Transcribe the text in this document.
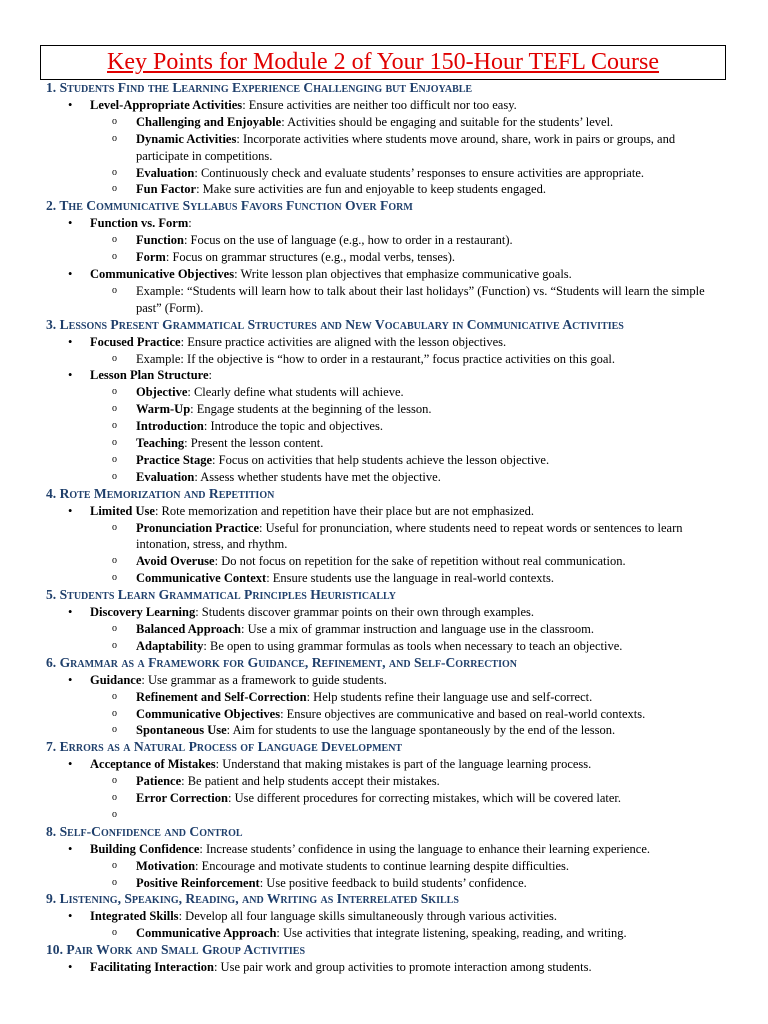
Key Points for Module 2 of Your 150-Hour TEFL Course
1. Students Find the Learning Experience Challenging but Enjoyable
• Level-Appropriate Activities: Ensure activities are neither too difficult nor too easy.
o Challenging and Enjoyable: Activities should be engaging and suitable for the students’ level.
o Dynamic Activities: Incorporate activities where students move around, share, work in pairs or groups, and participate in competitions.
o Evaluation: Continuously check and evaluate students’ responses to ensure activities are appropriate.
o Fun Factor: Make sure activities are fun and enjoyable to keep students engaged.
2. The Communicative Syllabus Favors Function Over Form
• Function vs. Form:
o Function: Focus on the use of language (e.g., how to order in a restaurant).
o Form: Focus on grammar structures (e.g., modal verbs, tenses).
• Communicative Objectives: Write lesson plan objectives that emphasize communicative goals.
o Example: “Students will learn how to talk about their last holidays” (Function) vs. “Students will learn the simple past” (Form).
3. Lessons Present Grammatical Structures and New Vocabulary in Communicative Activities
• Focused Practice: Ensure practice activities are aligned with the lesson objectives.
o Example: If the objective is “how to order in a restaurant,” focus practice activities on this goal.
• Lesson Plan Structure:
o Objective: Clearly define what students will achieve.
o Warm-Up: Engage students at the beginning of the lesson.
o Introduction: Introduce the topic and objectives.
o Teaching: Present the lesson content.
o Practice Stage: Focus on activities that help students achieve the lesson objective.
o Evaluation: Assess whether students have met the objective.
4. Rote Memorization and Repetition
• Limited Use: Rote memorization and repetition have their place but are not emphasized.
o Pronunciation Practice: Useful for pronunciation, where students need to repeat words or sentences to learn intonation, stress, and rhythm.
o Avoid Overuse: Do not focus on repetition for the sake of repetition without real communication.
o Communicative Context: Ensure students use the language in real-world contexts.
5. Students Learn Grammatical Principles Heuristically
• Discovery Learning: Students discover grammar points on their own through examples.
o Balanced Approach: Use a mix of grammar instruction and language use in the classroom.
o Adaptability: Be open to using grammar formulas as tools when necessary to teach an objective.
6. Grammar as a Framework for Guidance, Refinement, and Self-Correction
• Guidance: Use grammar as a framework to guide students.
o Refinement and Self-Correction: Help students refine their language use and self-correct.
o Communicative Objectives: Ensure objectives are communicative and based on real-world contexts.
o Spontaneous Use: Aim for students to use the language spontaneously by the end of the lesson.
7. Errors as a Natural Process of Language Development
• Acceptance of Mistakes: Understand that making mistakes is part of the language learning process.
o Patience: Be patient and help students accept their mistakes.
o Error Correction: Use different procedures for correcting mistakes, which will be covered later.
o
8. Self-Confidence and Control
• Building Confidence: Increase students’ confidence in using the language to enhance their learning experience.
o Motivation: Encourage and motivate students to continue learning despite difficulties.
o Positive Reinforcement: Use positive feedback to build students’ confidence.
9. Listening, Speaking, Reading, and Writing as Interrelated Skills
• Integrated Skills: Develop all four language skills simultaneously through various activities.
o Communicative Approach: Use activities that integrate listening, speaking, reading, and writing.
10. Pair Work and Small Group Activities
• Facilitating Interaction: Use pair work and group activities to promote interaction among students.
